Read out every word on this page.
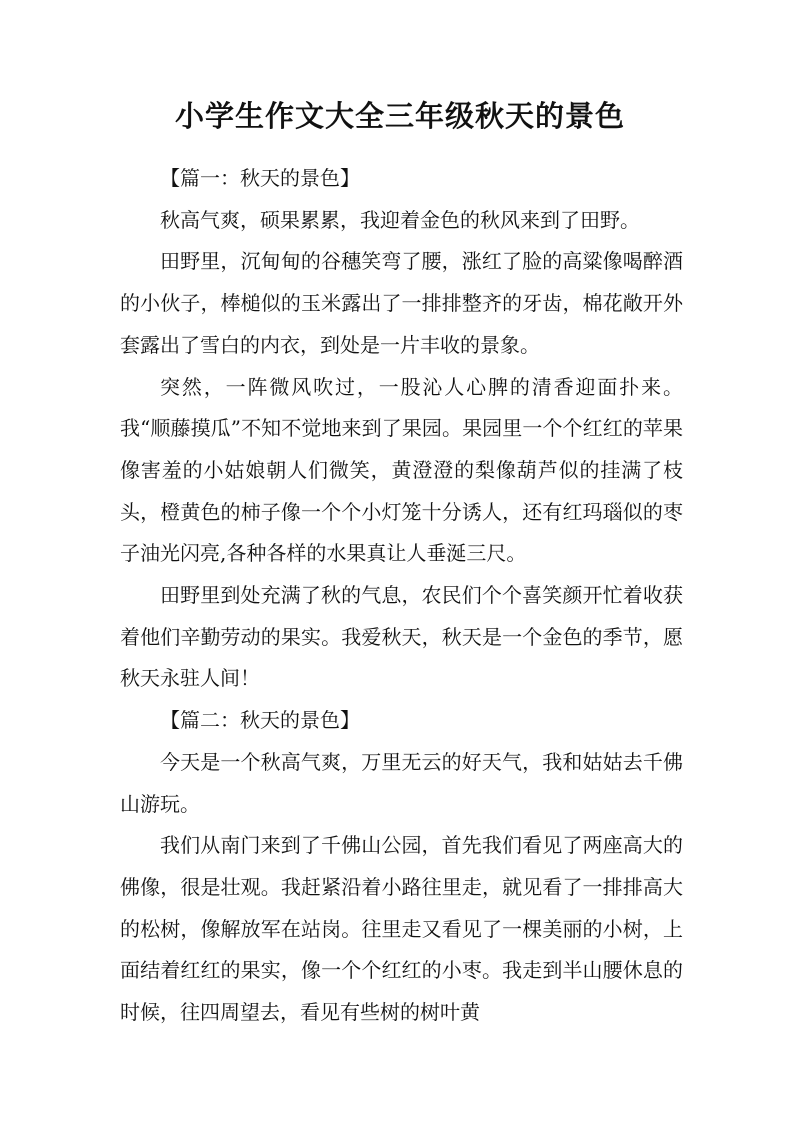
小学生作文大全三年级秋天的景色

【篇一：秋天的景色】

秋高气爽，硕果累累，我迎着金色的秋风来到了田野。

田野里，沉甸甸的谷穗笑弯了腰，涨红了脸的高粱像喝醉酒的小伙子，棒槌似的玉米露出了一排排整齐的牙齿，棉花敞开外套露出了雪白的内衣，到处是一片丰收的景象。

突然，一阵微风吹过，一股沁人心脾的清香迎面扑来。我“顺藤摸瓜”不知不觉地来到了果园。果园里一个个红红的苹果像害羞的小姑娘朝人们微笑，黄澄澄的梨像葫芦似的挂满了枝头，橙黄色的柿子像一个个小灯笼十分诱人，还有红玛瑙似的枣子油光闪亮,各种各样的水果真让人垂涎三尺。

田野里到处充满了秋的气息，农民们个个喜笑颜开忙着收获着他们辛勤劳动的果实。我爱秋天，秋天是一个金色的季节，愿秋天永驻人间！

【篇二：秋天的景色】

今天是一个秋高气爽，万里无云的好天气，我和姑姑去千佛山游玩。

我们从南门来到了千佛山公园，首先我们看见了两座高大的佛像，很是壮观。我赶紧沿着小路往里走，就见看了一排排高大的松树，像解放军在站岗。往里走又看见了一棵美丽的小树，上面结着红红的果实，像一个个红红的小枣。我走到半山腰休息的时候，往四周望去，看见有些树的树叶黄
